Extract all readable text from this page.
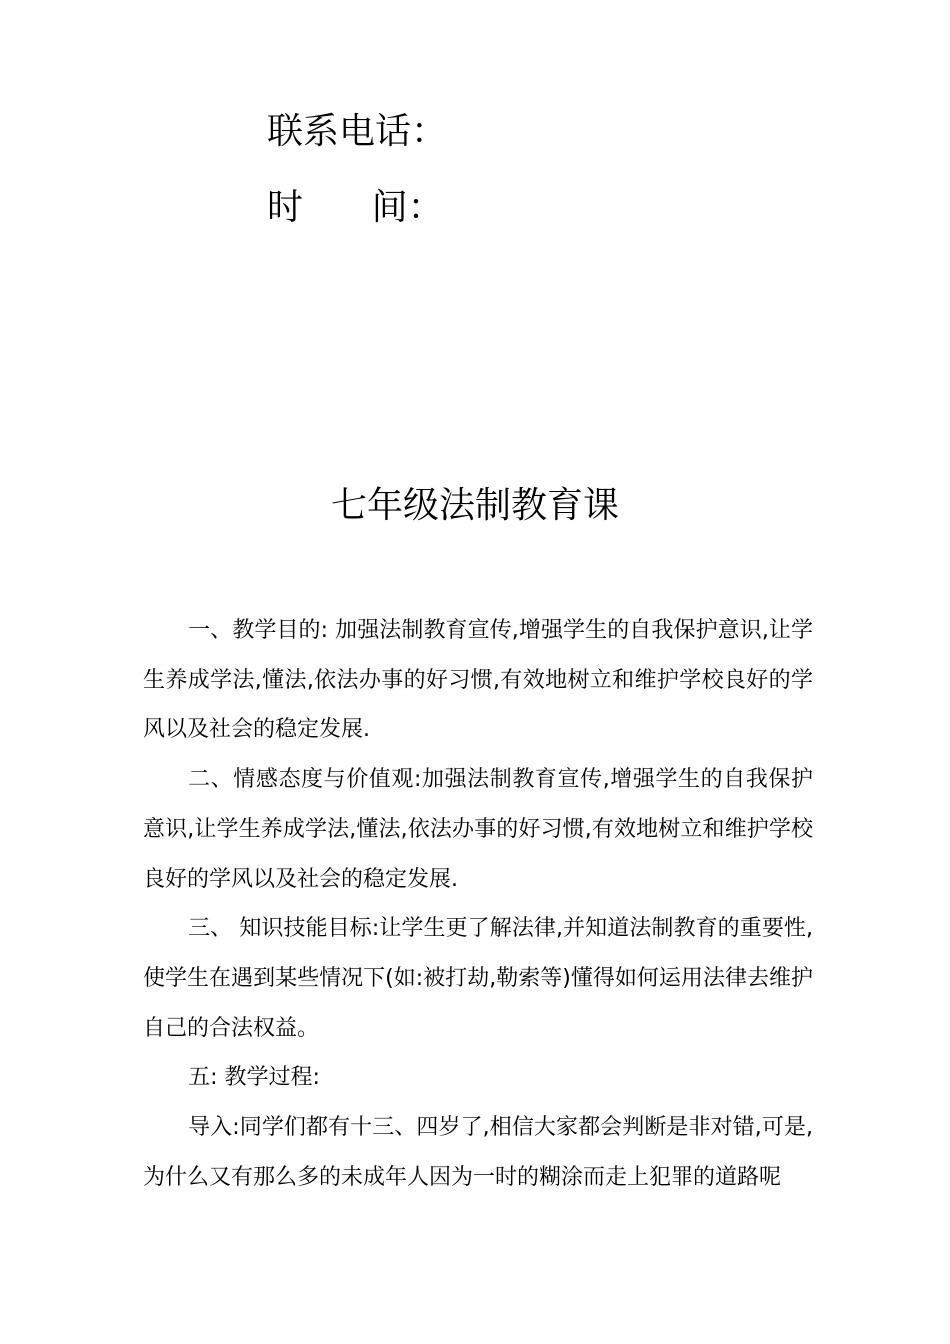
联系电话：
时      间：
七年级法制教育课

一、教学目的: 加强法制教育宣传,增强学生的自我保护意识,让学生养成学法,懂法,依法办事的好习惯,有效地树立和维护学校良好的学风以及社会的稳定发展.

二、情感态度与价值观:加强法制教育宣传,增强学生的自我保护意识,让学生养成学法,懂法,依法办事的好习惯,有效地树立和维护学校良好的学风以及社会的稳定发展.

三、 知识技能目标:让学生更了解法律,并知道法制教育的重要性,使学生在遇到某些情况下(如:被打劫,勒索等)懂得如何运用法律去维护自己的合法权益。

五: 教学过程:

导入:同学们都有十三、四岁了,相信大家都会判断是非对错,可是,为什么又有那么多的未成年人因为一时的糊涂而走上犯罪的道路呢
